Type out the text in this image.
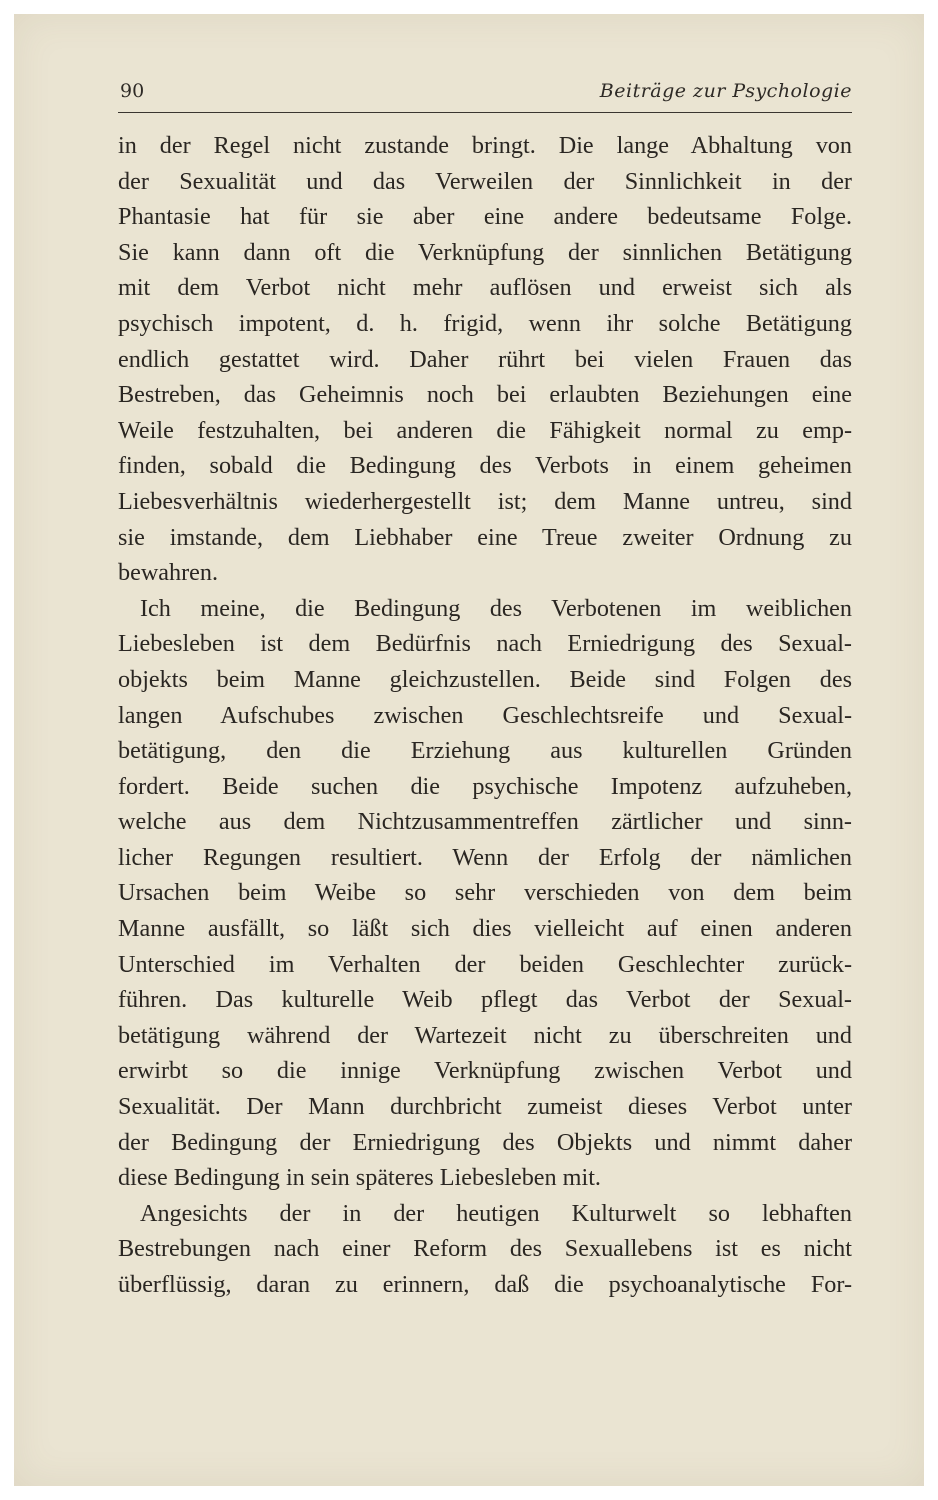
90	Beiträge zur Psychologie
in der Regel nicht zustande bringt. Die lange Abhaltung von
der Sexualität und das Verweilen der Sinnlichkeit in der
Phantasie hat für sie aber eine andere bedeutsame Folge.
Sie kann dann oft die Verknüpfung der sinnlichen Betätigung
mit dem Verbot nicht mehr auflösen und erweist sich als
psychisch impotent, d. h. frigid, wenn ihr solche Betätigung
endlich gestattet wird. Daher rührt bei vielen Frauen das
Bestreben, das Geheimnis noch bei erlaubten Beziehungen eine
Weile festzuhalten, bei anderen die Fähigkeit normal zu emp-
finden, sobald die Bedingung des Verbots in einem geheimen
Liebesverhältnis wiederhergestellt ist; dem Manne untreu, sind
sie imstande, dem Liebhaber eine Treue zweiter Ordnung zu
bewahren.
Ich meine, die Bedingung des Verbotenen im weiblichen
Liebesleben ist dem Bedürfnis nach Erniedrigung des Sexual-
objekts beim Manne gleichzustellen. Beide sind Folgen des
langen Aufschubes zwischen Geschlechtsreife und Sexual-
betätigung, den die Erziehung aus kulturellen Gründen
fordert. Beide suchen die psychische Impotenz aufzuheben,
welche aus dem Nichtzusammentreffen zärtlicher und sinn-
licher Regungen resultiert. Wenn der Erfolg der nämlichen
Ursachen beim Weibe so sehr verschieden von dem beim
Manne ausfällt, so läßt sich dies vielleicht auf einen anderen
Unterschied im Verhalten der beiden Geschlechter zurück-
führen. Das kulturelle Weib pflegt das Verbot der Sexual-
betätigung während der Wartezeit nicht zu überschreiten und
erwirbt so die innige Verknüpfung zwischen Verbot und
Sexualität. Der Mann durchbricht zumeist dieses Verbot unter
der Bedingung der Erniedrigung des Objekts und nimmt daher
diese Bedingung in sein späteres Liebesleben mit.
Angesichts der in der heutigen Kulturwelt so lebhaften
Bestrebungen nach einer Reform des Sexuallebens ist es nicht
überflüssig, daran zu erinnern, daß die psychoanalytische For-
